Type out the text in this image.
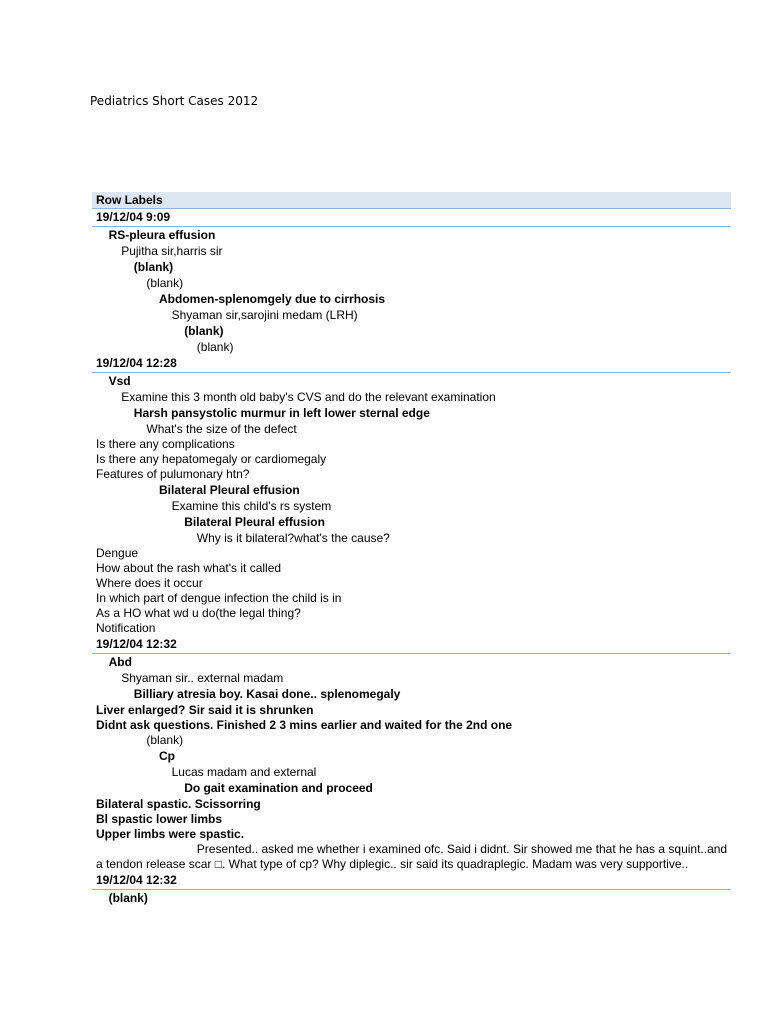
Pediatrics Short Cases 2012
Row Labels
19/12/04 9:09
RS-pleura effusion
Pujitha sir,harris sir
(blank)
(blank)
Abdomen-splenomgely due to cirrhosis
Shyaman sir,sarojini medam (LRH)
(blank)
(blank)
19/12/04 12:28
Vsd
Examine this 3 month old baby's CVS and do the relevant examination
Harsh pansystolic murmur in left lower sternal edge
What's the size of the defect
Is there any complications
Is there any hepatomegaly or cardiomegaly
Features of pulumonary htn?
Bilateral Pleural effusion
Examine this child's rs system
Bilateral Pleural effusion
Why is it bilateral?what's the cause?
Dengue
How about the rash what's it called
Where does it occur
In which part of dengue infection the child is in
As a HO what wd u do(the legal thing?
Notification
19/12/04 12:32
Abd
Shyaman sir.. external madam
Billiary atresia boy. Kasai done.. splenomegaly
Liver enlarged? Sir said it is shrunken
Didnt ask questions. Finished 2 3 mins earlier and waited for the 2nd one
(blank)
Cp
Lucas madam and external
Do gait examination and proceed
Bilateral spastic. Scissorring
Bl spastic lower limbs
Upper limbs were spastic.
Presented.. asked me whether i examined ofc. Said i didnt. Sir showed me that he has a squint..and a tendon release scar □. What type of cp? Why diplegic.. sir said its quadraplegic. Madam was very supportive..
19/12/04 12:32
(blank)
